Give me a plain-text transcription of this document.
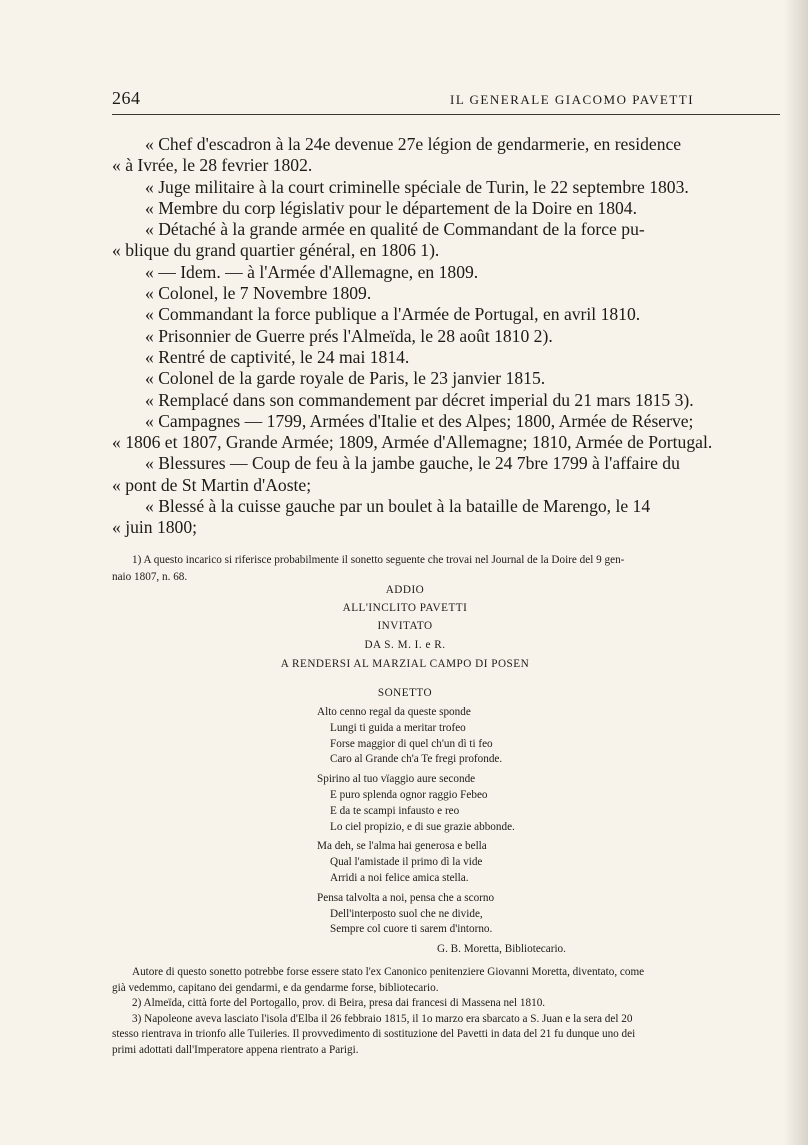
264	IL GENERALE GIACOMO PAVETTI
« Chef d'escadron à la 24e devenue 27e légion de gendarmerie, en residence
« à Ivrée, le 28 fevrier 1802.
« Juge militaire à la court criminelle spéciale de Turin, le 22 septembre 1803.
« Membre du corp législativ pour le département de la Doire en 1804.
« Détaché à la grande armée en qualité de Commandant de la force pu-
« blique du grand quartier général, en 1806 1).
« — Idem. — à l'Armée d'Allemagne, en 1809.
« Colonel, le 7 Novembre 1809.
« Commandant la force publique a l'Armée de Portugal, en avril 1810.
« Prisonnier de Guerre prés l'Almeïda, le 28 août 1810 2).
« Rentré de captivité, le 24 mai 1814.
« Colonel de la garde royale de Paris, le 23 janvier 1815.
« Remplacé dans son commandement par décret imperial du 21 mars 1815 3).
« Campagnes — 1799, Armées d'Italie et des Alpes; 1800, Armée de Réserve;
« 1806 et 1807, Grande Armée; 1809, Armée d'Allemagne; 1810, Armée de Portugal.
« Blessures — Coup de feu à la jambe gauche, le 24 7bre 1799 à l'affaire du
« pont de St Martin d'Aoste;
« Blessé à la cuisse gauche par un boulet à la bataille de Marengo, le 14
« juin 1800;
1) A questo incarico si riferisce probabilmente il sonetto seguente che trovai nel Journal de la Doire del 9 gen-
naio 1807, n. 68.
ADDIO
ALL'INCLITO PAVETTI
INVITATO
DA S. M. I. e R.
A RENDERSI AL MARZIAL CAMPO DI POSEN
SONETTO
Alto cenno regal da queste sponde
Lungi ti guida a meritar trofeo
Forse maggior di quel ch'un dì ti feo
Caro al Grande ch'a Te fregi profonde.
Spirino al tuo vïaggio aure seconde
E puro splenda ognor raggio Febeo
E da te scampi infausto e reo
Lo ciel propizio, e di sue grazie abbonde.
Ma deh, se l'alma hai generosa e bella
Qual l'amistade il primo dì la vide
Arridi a noi felice amica stella.
Pensa talvolta a noi, pensa che a scorno
Dell'interposto suol che ne divide,
Sempre col cuore ti sarem d'intorno.
G. B. Moretta, Bibliotecario.
Autore di questo sonetto potrebbe forse essere stato l'ex Canonico penitenziere Giovanni Moretta, diventato, come
già vedemmo, capitano dei gendarmi, e da gendarme forse, bibliotecario.
2) Almeïda, città forte del Portogallo, prov. di Beira, presa dai francesi di Massena nel 1810.
3) Napoleone aveva lasciato l'isola d'Elba il 26 febbraio 1815, il 1o marzo era sbarcato a S. Juan e la sera del 20
stesso rientrava in trionfo alle Tuileries. Il provvedimento di sostituzione del Pavetti in data del 21 fu dunque uno dei
primi adottati dall'Imperatore appena rientrato a Parigi.
